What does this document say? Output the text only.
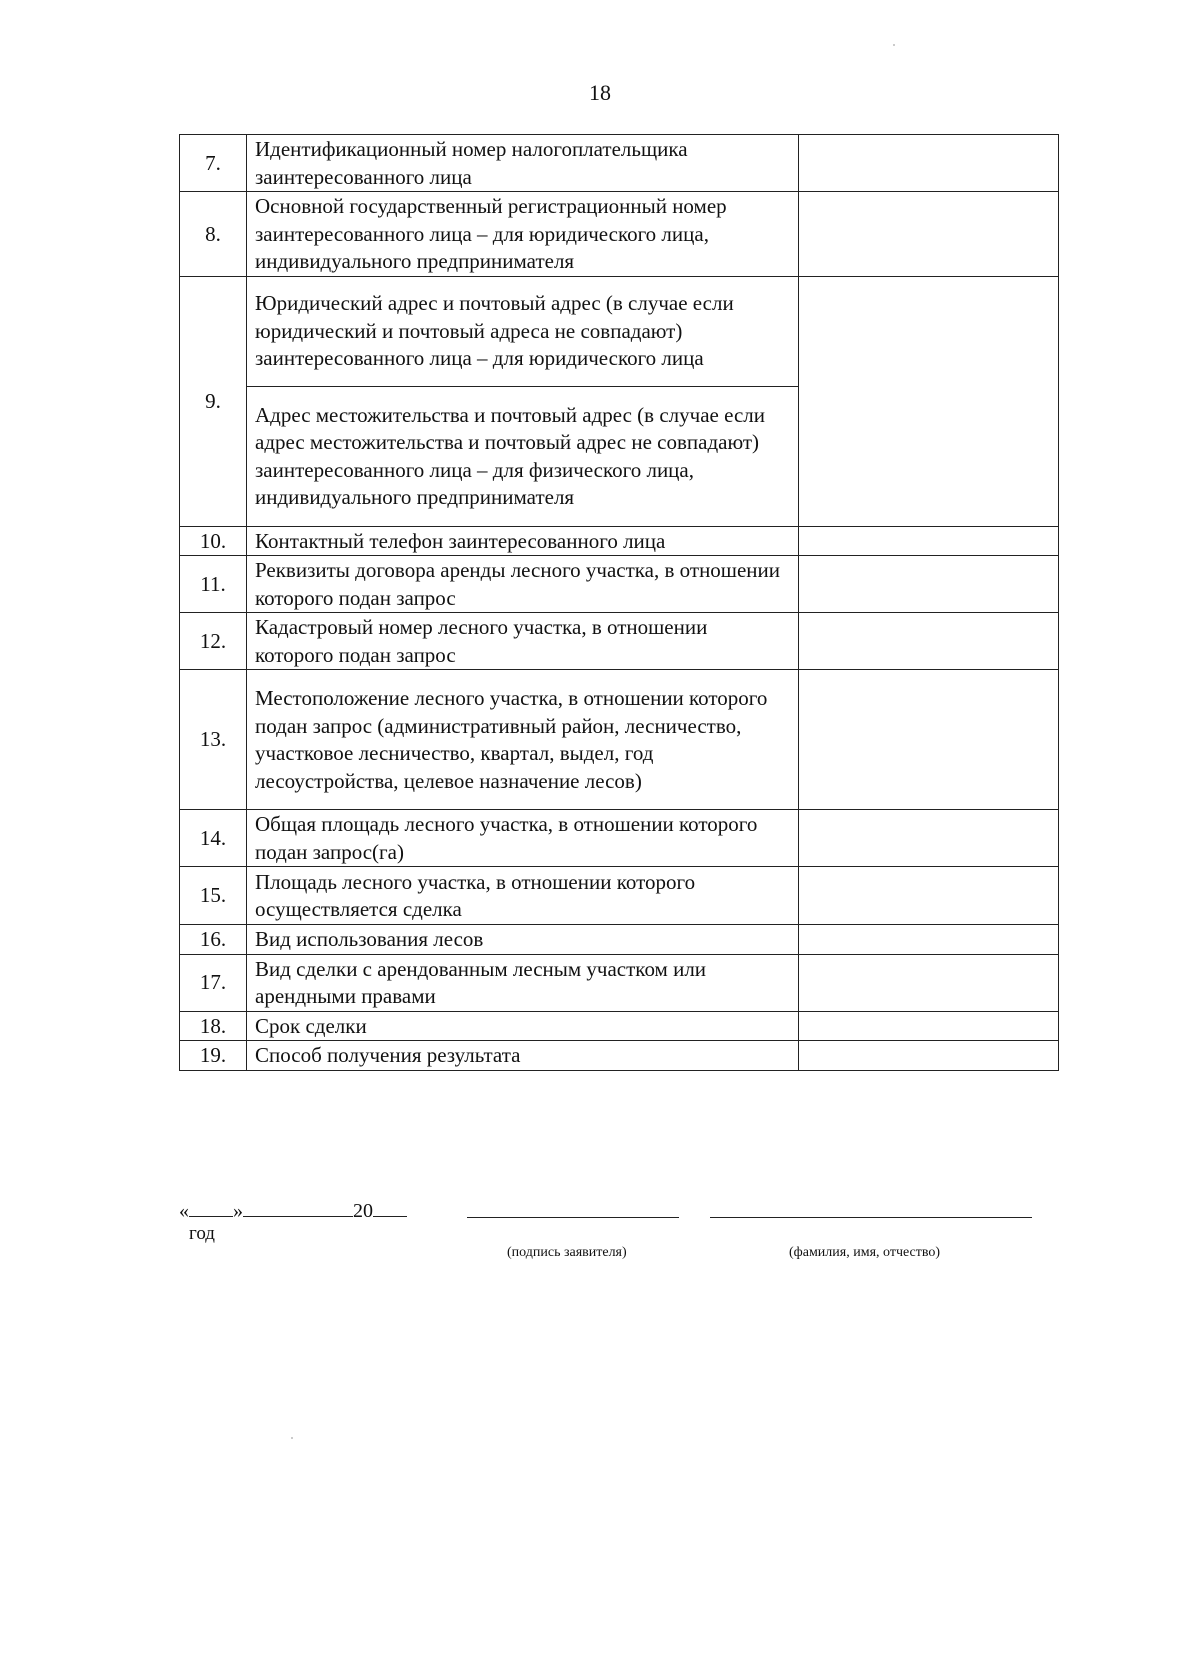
18
7.	Идентификационный номер налогоплательщика заинтересованного лица	
8.	Основной государственный регистрационный номер заинтересованного лица – для юридического лица, индивидуального предпринимателя	
9.	Юридический адрес и почтовый адрес (в случае если юридический и почтовый адреса не совпадают) заинтересованного лица – для юридического лица	
	Адрес местожительства и почтовый адрес (в случае если адрес местожительства и почтовый адрес не совпадают) заинтересованного лица – для физического лица, индивидуального предпринимателя	
10.	Контактный телефон заинтересованного лица	
11.	Реквизиты договора аренды лесного участка, в отношении которого подан запрос	
12.	Кадастровый номер лесного участка, в отношении которого подан запрос	
13.	Местоположение лесного участка, в отношении которого подан запрос (административный район, лесничество, участковое лесничество, квартал, выдел, год лесоустройства, целевое назначение лесов)	
14.	Общая площадь лесного участка, в отношении которого подан запрос(га)	
15.	Площадь лесного участка, в отношении которого осуществляется сделка	
16.	Вид использования лесов	
17.	Вид сделки с арендованным лесным участком или арендными правами	
18.	Срок сделки	
19.	Способ получения результата	
« »	20
год
(подпись заявителя)	(фамилия, имя, отчество)
